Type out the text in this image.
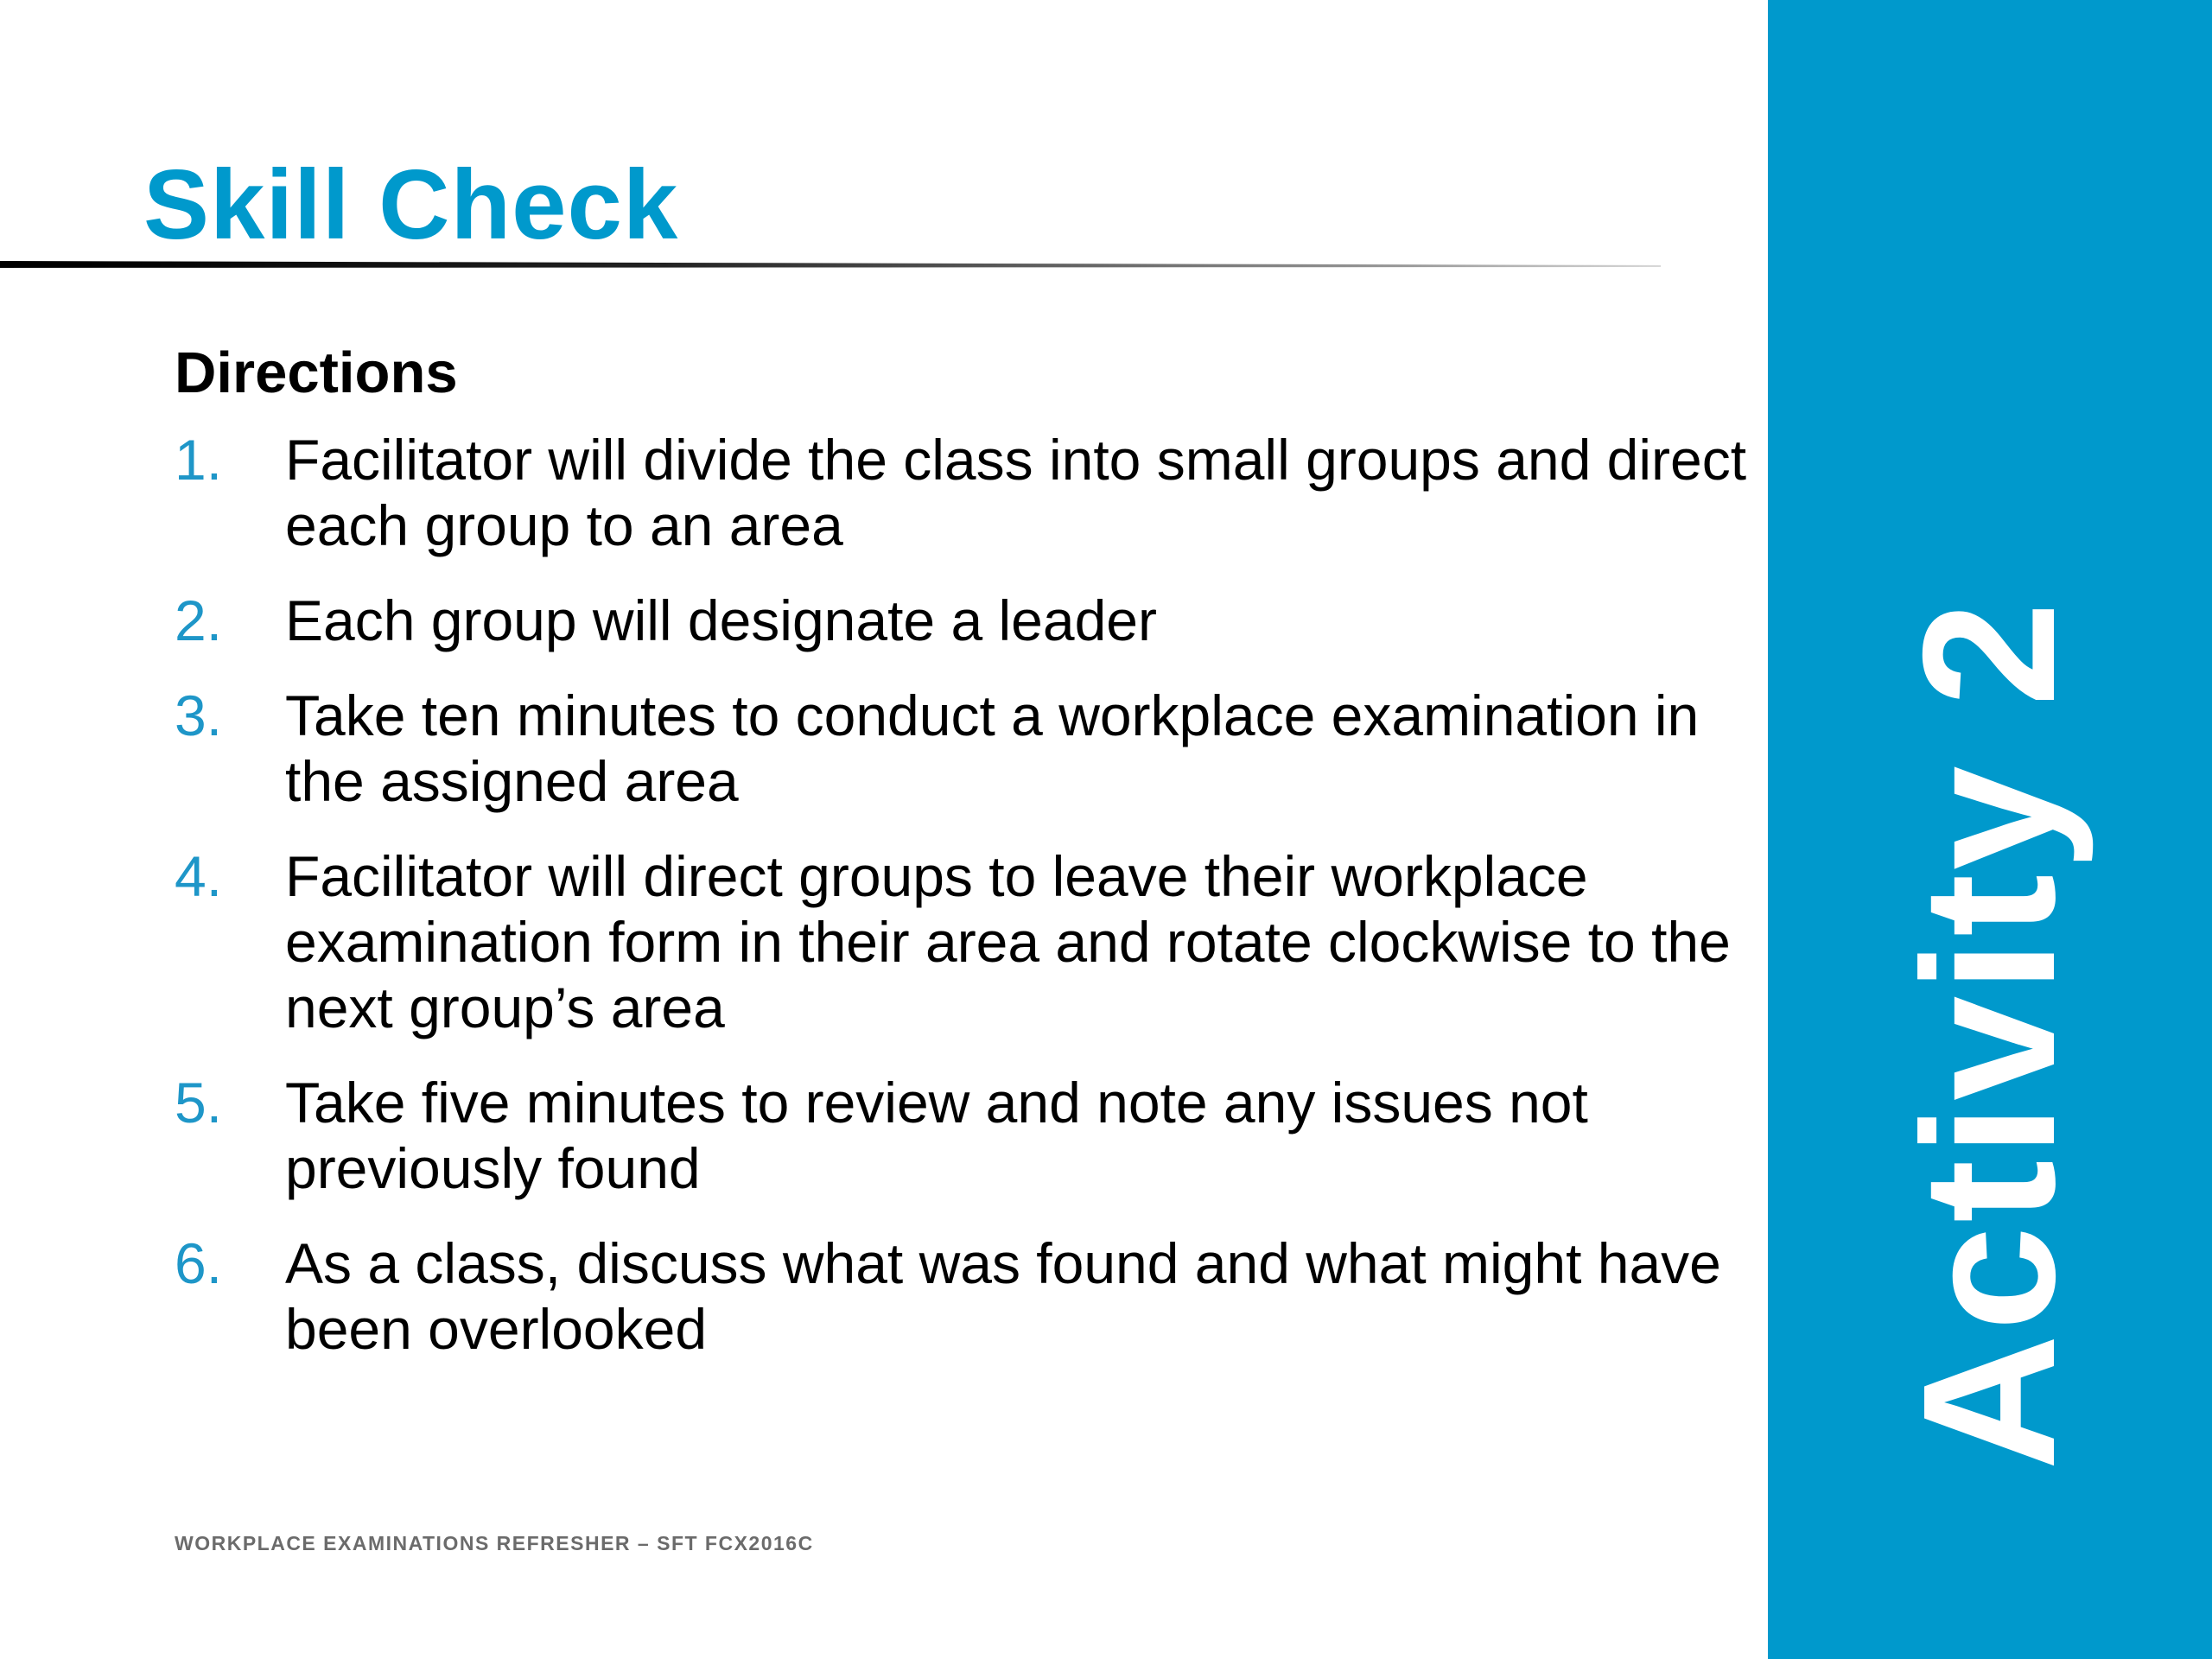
Skill Check
Directions
1. Facilitator will divide the class into small groups and direct each group to an area
2. Each group will designate a leader
3. Take ten minutes to conduct a workplace examination in the assigned area
4. Facilitator will direct groups to leave their workplace examination form in their area and rotate clockwise to the next group’s area
5. Take five minutes to review and note any issues not previously found
6. As a class, discuss what was found and what might have been overlooked
WORKPLACE EXAMINATIONS REFRESHER – SFT FCX2016C
Activity 2
